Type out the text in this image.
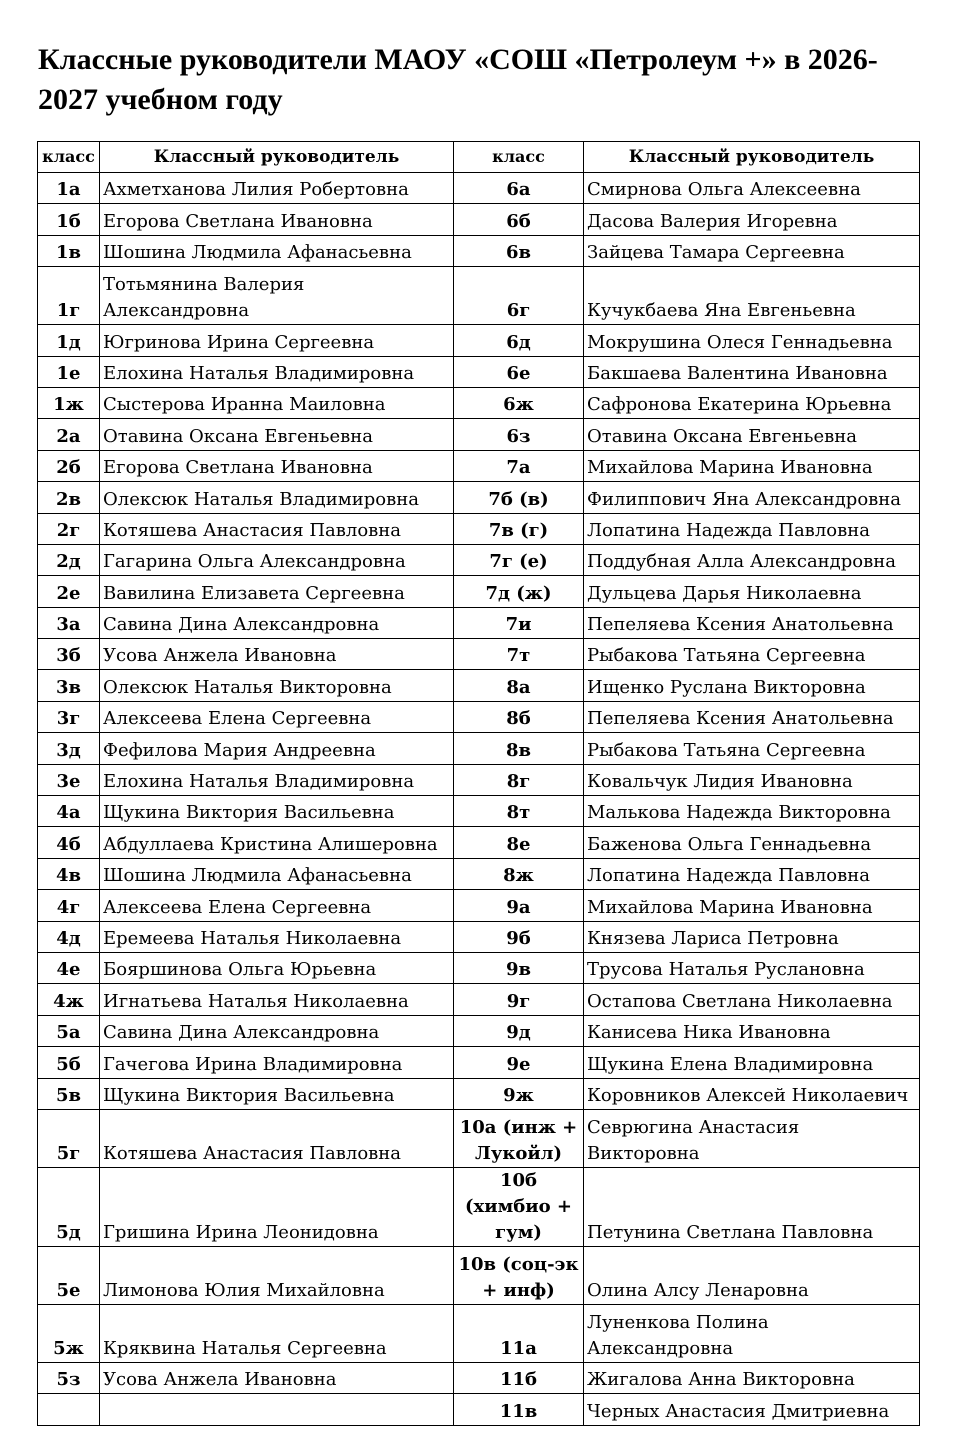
Классные руководители МАОУ «СОШ «Петролеум +» в 2026-2027 учебном году
класс	Классный руководитель	класс	Классный руководитель
1а	Ахметханова Лилия Робертовна	6а	Смирнова Ольга Алексеевна
1б	Егорова Светлана Ивановна	6б	Дасова Валерия Игоревна
1в	Шошина Людмила Афанасьевна	6в	Зайцева Тамара Сергеевна
1г	Тотьмянина Валерия Александровна	6г	Кучукбаева Яна Евгеньевна
1д	Югринова Ирина Сергеевна	6д	Мокрушина Олеся Геннадьевна
1е	Елохина Наталья Владимировна	6е	Бакшаева Валентина Ивановна
1ж	Сыстерова Иранна Маиловна	6ж	Сафронова Екатерина Юрьевна
2а	Отавина Оксана Евгеньевна	6з	Отавина Оксана Евгеньевна
2б	Егорова Светлана Ивановна	7а	Михайлова Марина Ивановна
2в	Олексюк Наталья Владимировна	7б (в)	Филиппович Яна Александровна
2г	Котяшева Анастасия Павловна	7в (г)	Лопатина Надежда Павловна
2д	Гагарина Ольга Александровна	7г (е)	Поддубная Алла Александровна
2е	Вавилина Елизавета Сергеевна	7д (ж)	Дульцева Дарья Николаевна
3а	Савина Дина Александровна	7и	Пепеляева Ксения Анатольевна
3б	Усова Анжела Ивановна	7т	Рыбакова Татьяна Сергеевна
3в	Олексюк Наталья Викторовна	8а	Ищенко Руслана Викторовна
3г	Алексеева Елена Сергеевна	8б	Пепеляева Ксения Анатольевна
3д	Фефилова Мария Андреевна	8в	Рыбакова Татьяна Сергеевна
3е	Елохина Наталья Владимировна	8г	Ковальчук Лидия Ивановна
4а	Щукина Виктория Васильевна	8т	Малькова Надежда Викторовна
4б	Абдуллаева Кристина Алишеровна	8е	Баженова Ольга Геннадьевна
4в	Шошина Людмила Афанасьевна	8ж	Лопатина Надежда Павловна
4г	Алексеева Елена Сергеевна	9а	Михайлова Марина Ивановна
4д	Еремеева Наталья Николаевна	9б	Князева Лариса Петровна
4е	Бояршинова Ольга Юрьевна	9в	Трусова Наталья Руслановна
4ж	Игнатьева Наталья Николаевна	9г	Остапова Светлана Николаевна
5а	Савина Дина Александровна	9д	Канисева Ника Ивановна
5б	Гачегова Ирина Владимировна	9е	Щукина Елена Владимировна
5в	Щукина Виктория Васильевна	9ж	Коровников Алексей Николаевич
5г	Котяшева Анастасия Павловна	10а (инж + Лукойл)	Севрюгина Анастасия Викторовна
5д	Гришина Ирина Леонидовна	10б (химбио + гум)	Петунина Светлана Павловна
5е	Лимонова Юлия Михайловна	10в (соц-эк + инф)	Олина Алсу Ленаровна
5ж	Кряквина Наталья Сергеевна	11а	Луненкова Полина Александровна
5з	Усова Анжела Ивановна	11б	Жигалова Анна Викторовна
		11в	Черных Анастасия Дмитриевна
